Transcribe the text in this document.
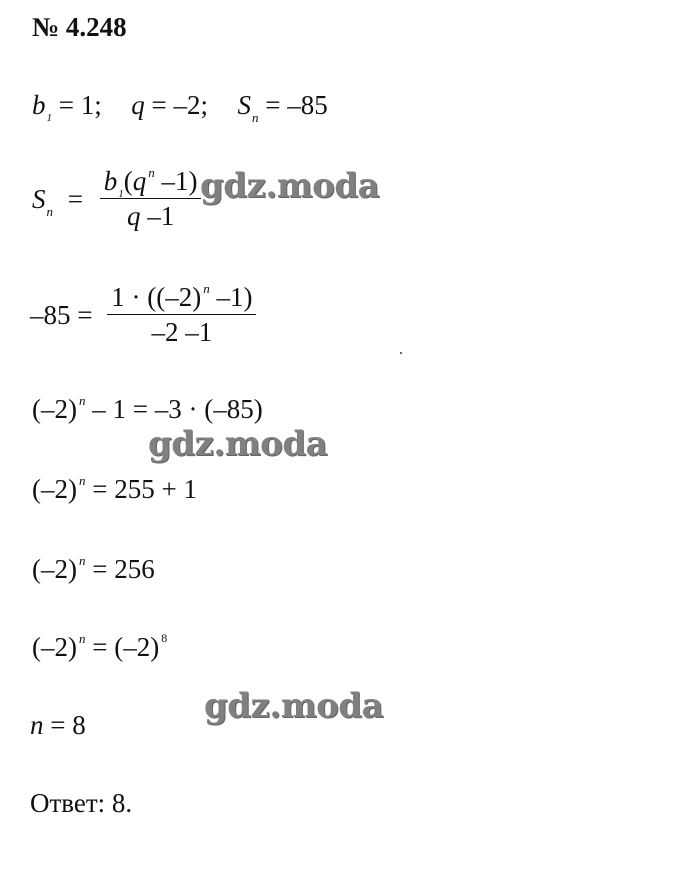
№ 4.248
$b_1 = 1$; q = –2; $S_n = -85$
$S_n = \frac{b_1(q ^n -1)}{q -1}$
gdz.moda
$-85 = \frac{1 \cdot ((-2) ^n -1)}{-2 -1}$
(–2) $^n$ – 1 = –3 · (–85)
gdz.moda
(–2) $^n$ = 255 + 1
(–2) $^n$ = 256
(–2) $^n$ = (–2) $^8$
gdz.moda
n = 8
Ответ: 8.
